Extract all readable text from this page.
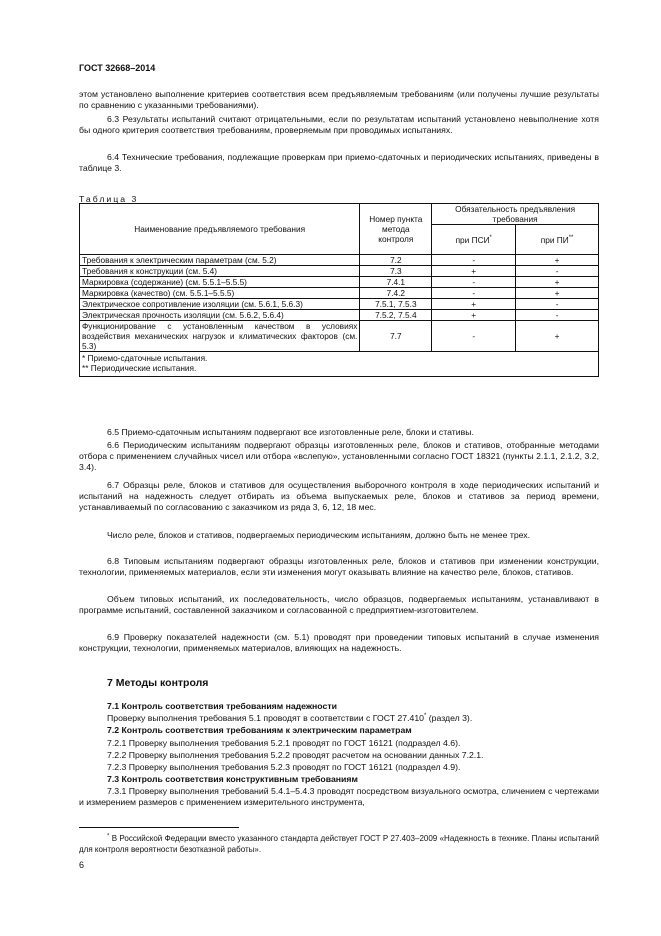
ГОСТ 32668–2014

этом установлено выполнение критериев соответствия всем предъявляемым требованиям (или получены лучшие результаты по сравнению с указанными требованиями).

6.3 Результаты испытаний считают отрицательными, если по результатам испытаний установлено невыполнение хотя бы одного критерия соответствия требованиям, проверяемым при проводимых испытаниях.

6.4 Технические требования, подлежащие проверкам при приемо-сдаточных и периодических испытаниях, приведены в таблице 3.

Таблица 3

Наименование предъявляемого требования	Номер пункта метода контроля	Обязательность предъявления требования	
		при ПСИ*	при ПИ**
Требования к электрическим параметрам (см. 5.2)	7.2	-	+
Требования к конструкции (см. 5.4)	7.3	+	-
Маркировка (содержание) (см. 5.5.1–5.5.5)	7.4.1	-	+
Маркировка (качество) (см. 5.5.1–5.5.5)	7.4.2	-	+
Электрическое сопротивление изоляции (см. 5.6.1, 5.6.3)	7.5.1, 7.5.3	+	-
Электрическая прочность изоляции (см. 5.6.2, 5.6.4)	7.5.2, 7.5.4	+	-
Функционирование с установленным качеством в условиях воздействия механических нагрузок и климатических факторов (см. 5.3)	7.7	-	+
* Приемо-сдаточные испытания.			
** Периодические испытания.			

6.5 Приемо-сдаточным испытаниям подвергают все изготовленные реле, блоки и стативы.

6.6 Периодическим испытаниям подвергают образцы изготовленных реле, блоков и стативов, отобранные методами отбора с применением случайных чисел или отбора «вслепую», установленными согласно ГОСТ 18321 (пункты 2.1.1, 2.1.2, 3.2, 3.4).

6.7 Образцы реле, блоков и стативов для осуществления выборочного контроля в ходе периодических испытаний и испытаний на надежность следует отбирать из объема выпускаемых реле, блоков и стативов за период времени, устанавливаемый по согласованию с заказчиком из ряда 3, 6, 12, 18 мес.

Число реле, блоков и стативов, подвергаемых периодическим испытаниям, должно быть не менее трех.

6.8 Типовым испытаниям подвергают образцы изготовленных реле, блоков и стативов при изменении конструкции, технологии, применяемых материалов, если эти изменения могут оказывать влияние на качество реле, блоков, стативов.

Объем типовых испытаний, их последовательность, число образцов, подвергаемых испытаниям, устанавливают в программе испытаний, составленной заказчиком и согласованной с предприятием-изготовителем.

6.9 Проверку показателей надежности (см. 5.1) проводят при проведении типовых испытаний в случае изменения конструкции, технологии, применяемых материалов, влияющих на надежность.

7 Методы контроля

7.1 Контроль соответствия требованиям надежности

Проверку выполнения требования 5.1 проводят в соответствии с ГОСТ 27.410* (раздел 3).

7.2 Контроль соответствия требованиям к электрическим параметрам

7.2.1 Проверку выполнения требования 5.2.1 проводят по ГОСТ 16121 (подраздел 4.6).

7.2.2 Проверку выполнения требования 5.2.2 проводят расчетом на основании данных 7.2.1.

7.2.3 Проверку выполнения требования 5.2.3 проводят по ГОСТ 16121 (подраздел 4.9).

7.3 Контроль соответствия конструктивным требованиям

7.3.1 Проверку выполнения требований 5.4.1–5.4.3 проводят посредством визуального осмотра, сличением с чертежами и измерением размеров с применением измерительного инструмента,

* В Российской Федерации вместо указанного стандарта действует ГОСТ Р 27.403–2009 «Надежность в технике. Планы испытаний для контроля вероятности безотказной работы».

6
